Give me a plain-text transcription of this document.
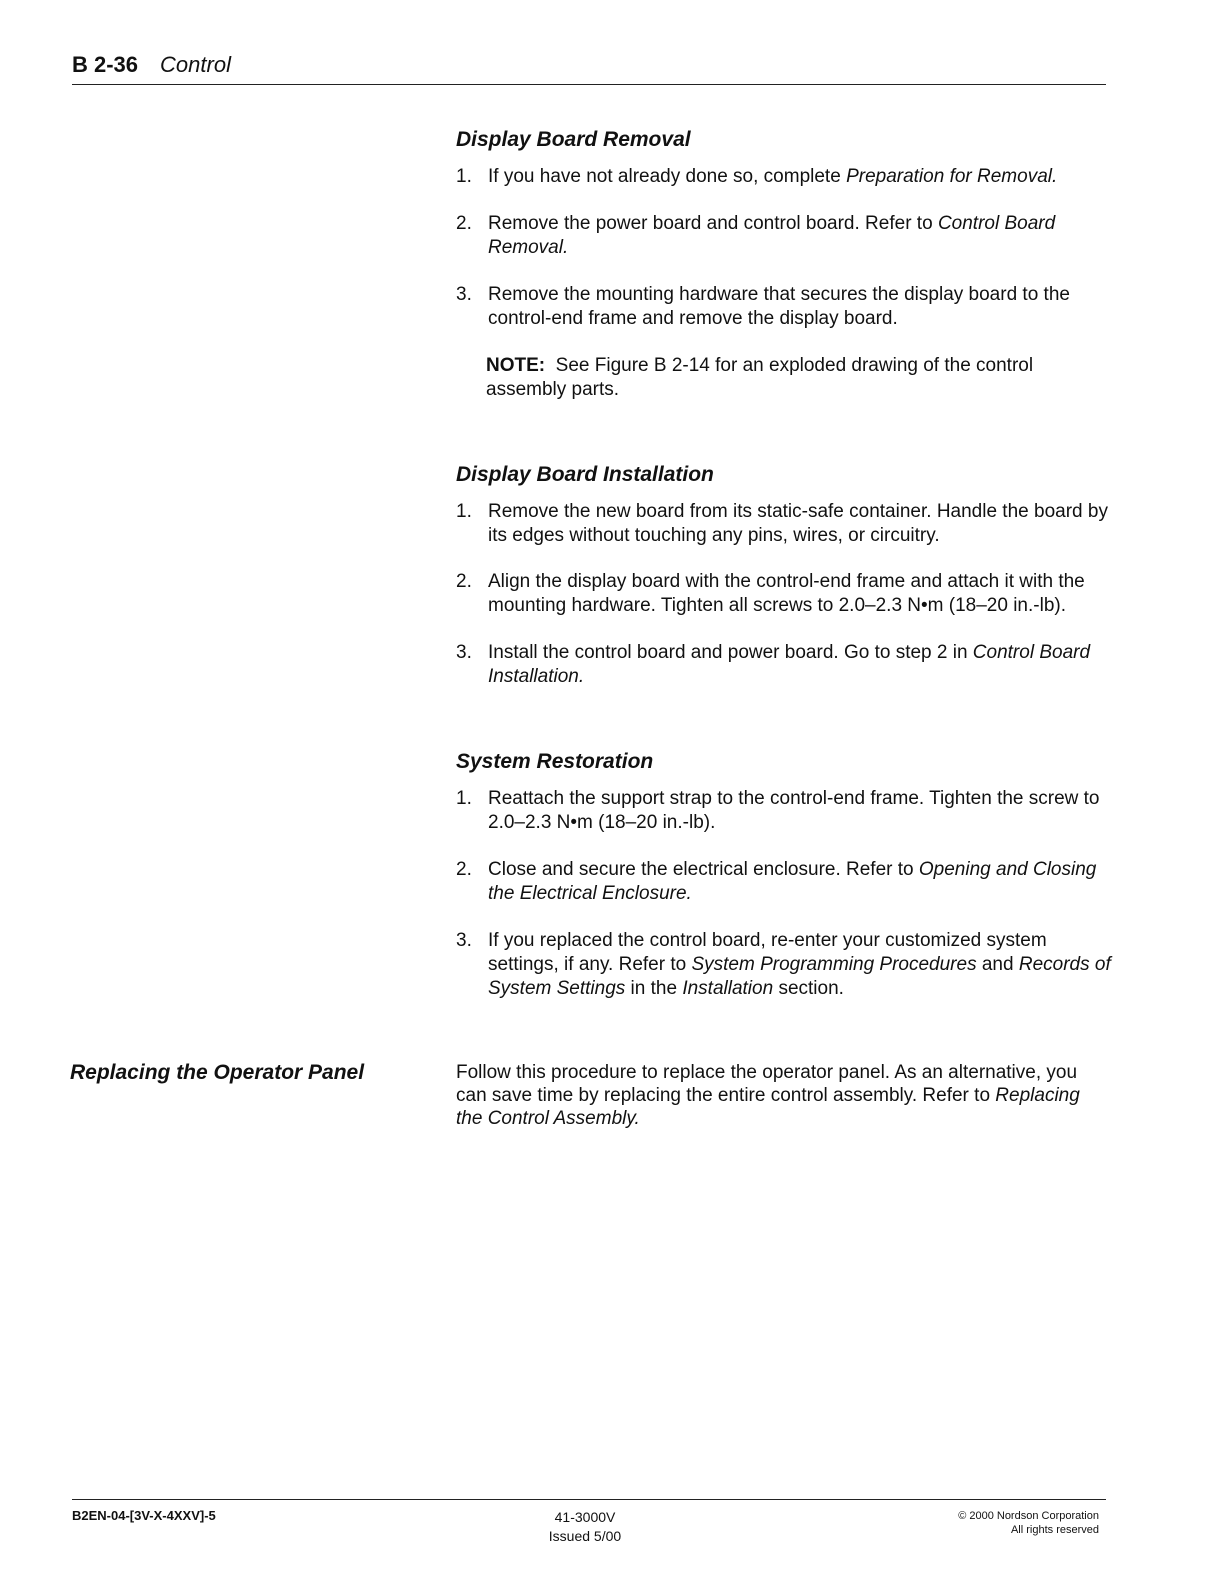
B 2-36 Control
Display Board Removal
1. If you have not already done so, complete Preparation for Removal.
2. Remove the power board and control board. Refer to Control Board Removal.
3. Remove the mounting hardware that secures the display board to the control-end frame and remove the display board.
NOTE: See Figure B 2-14 for an exploded drawing of the control assembly parts.
Display Board Installation
1. Remove the new board from its static-safe container. Handle the board by its edges without touching any pins, wires, or circuitry.
2. Align the display board with the control-end frame and attach it with the mounting hardware. Tighten all screws to 2.0–2.3 N•m (18–20 in.-lb).
3. Install the control board and power board. Go to step 2 in Control Board Installation.
System Restoration
1. Reattach the support strap to the control-end frame. Tighten the screw to 2.0–2.3 N•m (18–20 in.-lb).
2. Close and secure the electrical enclosure. Refer to Opening and Closing the Electrical Enclosure.
3. If you replaced the control board, re-enter your customized system settings, if any. Refer to System Programming Procedures and Records of System Settings in the Installation section.
Replacing the Operator Panel	Follow this procedure to replace the operator panel. As an alternative, you can save time by replacing the entire control assembly. Refer to Replacing the Control Assembly.
B2EN-04-[3V-X-4XXV]-5	41-3000V
Issued 5/00
© 2000 Nordson Corporation
All rights reserved
